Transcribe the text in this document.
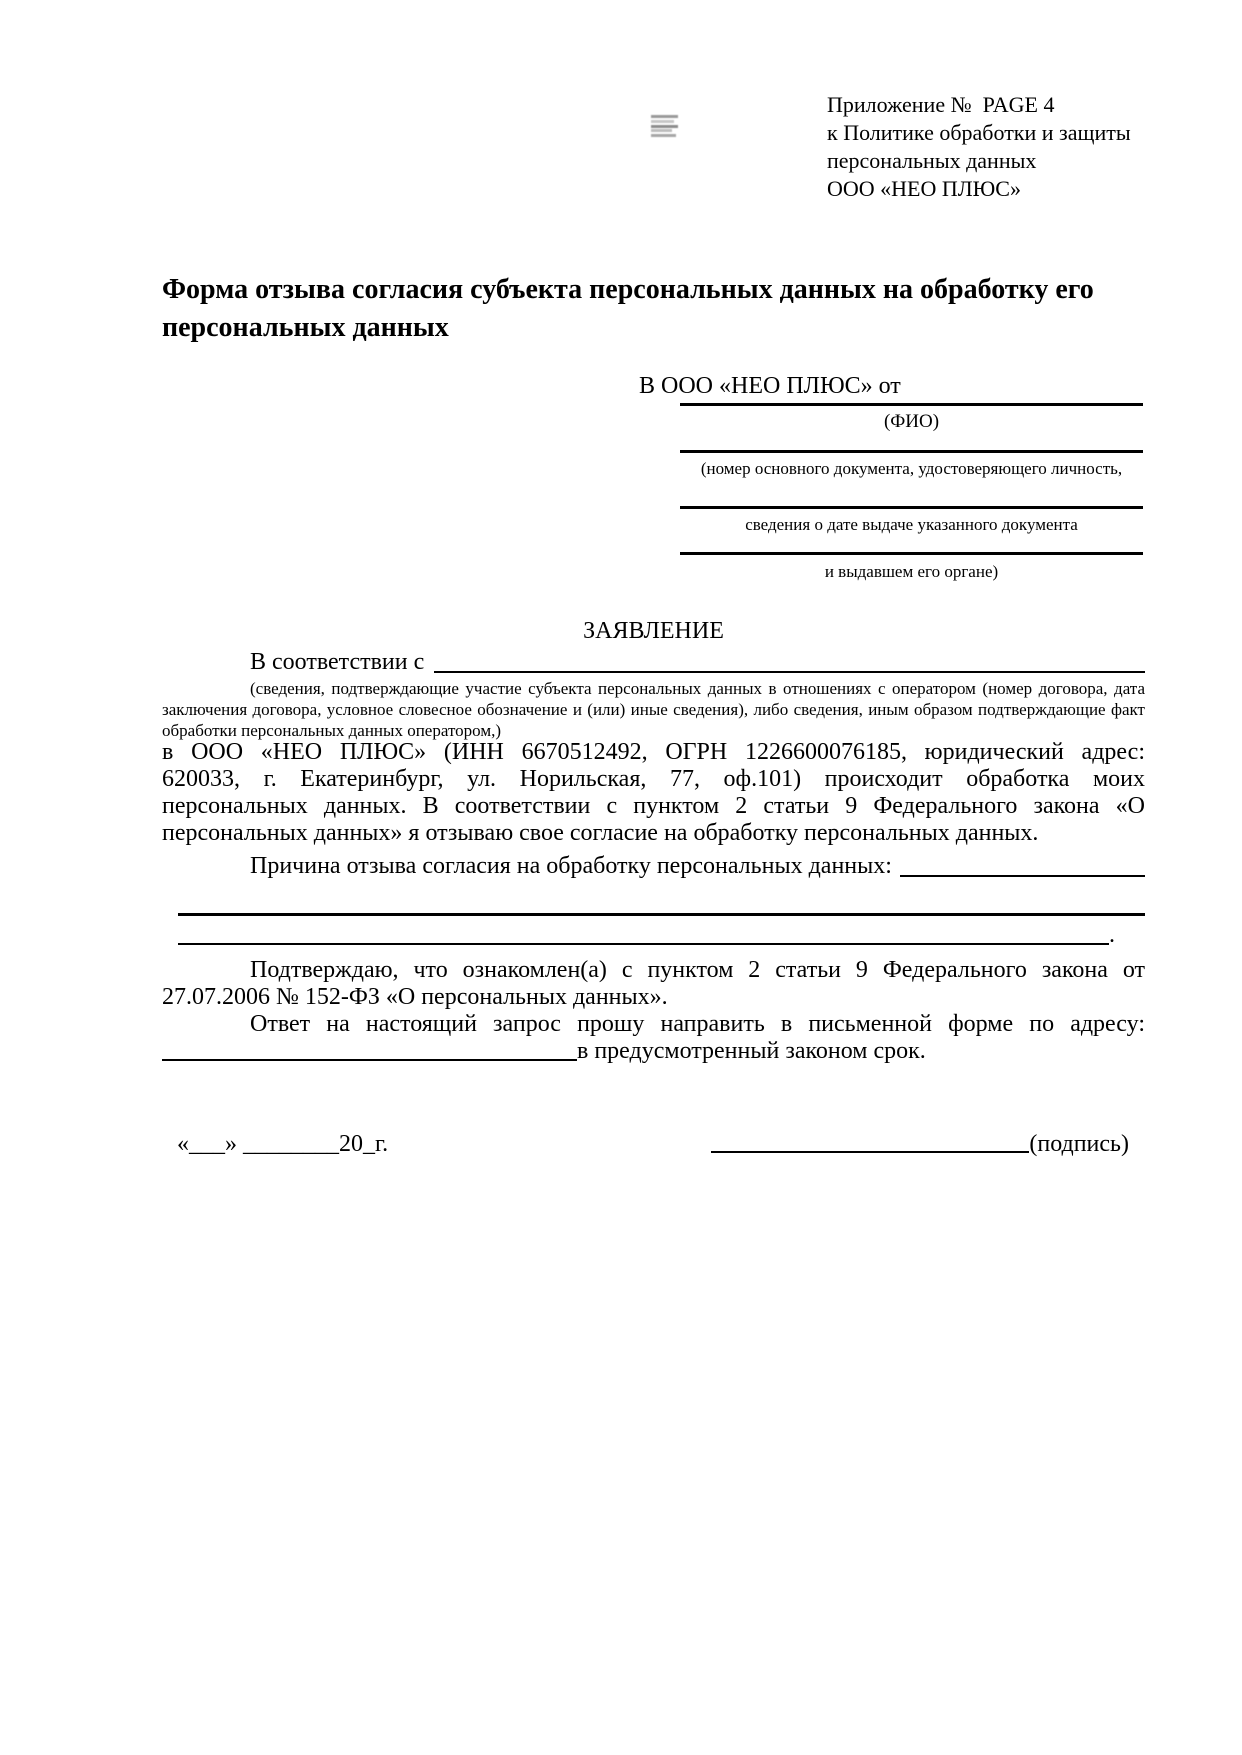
Приложение №  PAGE 4
к Политике обработки и защиты
персональных данных
ООО «НЕО ПЛЮС»
Форма отзыва согласия субъекта персональных данных на обработку его
персональных данных
В ООО «НЕО ПЛЮС» от
(ФИО)
(номер основного документа, удостоверяющего личность,
сведения о дате выдаче указанного документа
и выдавшем его органе)
ЗАЯВЛЕНИЕ
В соответствии с
(сведения, подтверждающие участие субъекта персональных данных в отношениях с оператором (номер договора, дата
заключения договора, условное словесное обозначение и (или) иные сведения), либо сведения, иным образом подтверждающие факт
обработки персональных данных оператором,)
в ООО «НЕО ПЛЮС» (ИНН 6670512492, ОГРН 1226600076185, юридический адрес:
620033, г. Екатеринбург, ул. Норильская, 77, оф.101) происходит обработка моих
персональных данных. В соответствии с пунктом 2 статьи 9 Федерального закона «О
персональных данных» я отзываю свое согласие на обработку персональных данных.
Причина отзыва согласия на обработку персональных данных:
.
Подтверждаю, что ознакомлен(а) с пунктом 2 статьи 9 Федерального закона от
27.07.2006 № 152-ФЗ «О персональных данных».
Ответ на настоящий запрос прошу направить в письменной форме по адресу:
в предусмотренный законом срок.
«___» ________20_г.	(подпись)
